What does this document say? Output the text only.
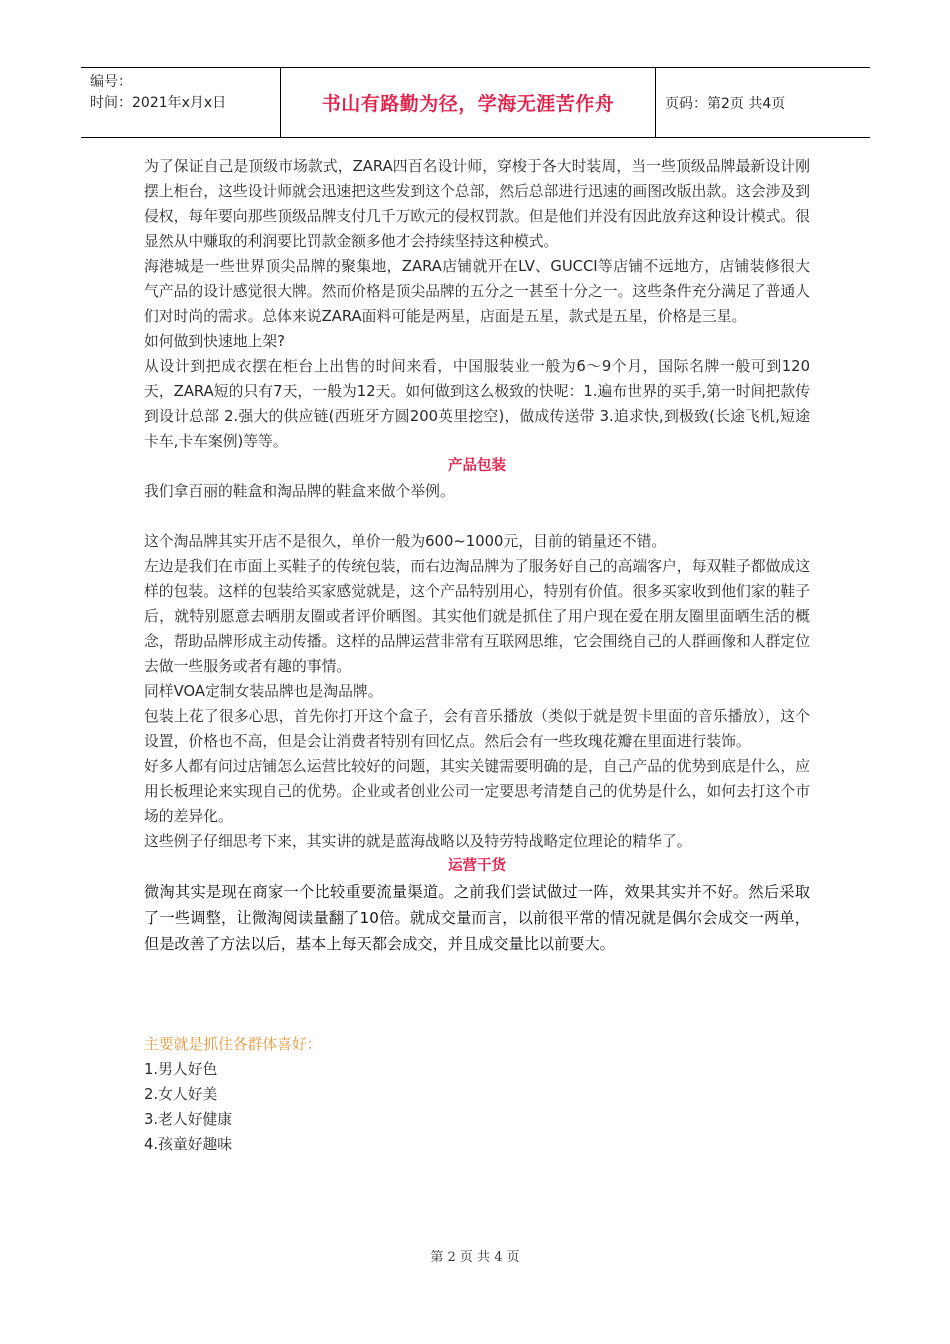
编号：
时间：2021年x月x日	书山有路勤为径，学海无涯苦作舟	页码：第2页 共4页

为了保证自己是顶级市场款式，ZARA四百名设计师，穿梭于各大时装周，当一些顶级品牌最新设计刚摆上柜台，这些设计师就会迅速把这些发到这个总部，然后总部进行迅速的画图改版出款。这会涉及到侵权，每年要向那些顶级品牌支付几千万欧元的侵权罚款。但是他们并没有因此放弃这种设计模式。很显然从中赚取的利润要比罚款金额多他才会持续坚持这种模式。

海港城是一些世界顶尖品牌的聚集地，ZARA店铺就开在LV、GUCCI等店铺不远地方，店铺装修很大气产品的设计感觉很大牌。然而价格是顶尖品牌的五分之一甚至十分之一。这些条件充分满足了普通人们对时尚的需求。总体来说ZARA面料可能是两星，店面是五星，款式是五星，价格是三星。

如何做到快速地上架?

从设计到把成衣摆在柜台上出售的时间来看，中国服装业一般为6～9个月，国际名牌一般可到120天，ZARA短的只有7天，一般为12天。如何做到这么极致的快呢：1.遍布世界的买手,第一时间把款传到设计总部 2.强大的供应链(西班牙方圆200英里挖空)，做成传送带 3.追求快,到极致(长途飞机,短途卡车,卡车案例)等等。

产品包装

我们拿百丽的鞋盒和淘品牌的鞋盒来做个举例。

这个淘品牌其实开店不是很久，单价一般为600~1000元，目前的销量还不错。

左边是我们在市面上买鞋子的传统包装，而右边淘品牌为了服务好自己的高端客户，每双鞋子都做成这样的包装。这样的包装给买家感觉就是，这个产品特别用心，特别有价值。很多买家收到他们家的鞋子后，就特别愿意去晒朋友圈或者评价晒图。其实他们就是抓住了用户现在爱在朋友圈里面晒生活的概念，帮助品牌形成主动传播。这样的品牌运营非常有互联网思维，它会围绕自己的人群画像和人群定位去做一些服务或者有趣的事情。

同样VOA定制女装品牌也是淘品牌。

包装上花了很多心思，首先你打开这个盒子，会有音乐播放（类似于就是贺卡里面的音乐播放），这个设置，价格也不高，但是会让消费者特别有回忆点。然后会有一些玫瑰花瓣在里面进行装饰。

好多人都有问过店铺怎么运营比较好的问题，其实关键需要明确的是，自己产品的优势到底是什么，应用长板理论来实现自己的优势。企业或者创业公司一定要思考清楚自己的优势是什么，如何去打这个市场的差异化。

这些例子仔细思考下来，其实讲的就是蓝海战略以及特劳特战略定位理论的精华了。

运营干货

微淘其实是现在商家一个比较重要流量渠道。之前我们尝试做过一阵，效果其实并不好。然后采取了一些调整，让微淘阅读量翻了10倍。就成交量而言，以前很平常的情况就是偶尔会成交一两单，但是改善了方法以后，基本上每天都会成交，并且成交量比以前要大。

主要就是抓住各群体喜好：

1.男人好色

2.女人好美

3.老人好健康

4.孩童好趣味

第 2 页 共 4 页
